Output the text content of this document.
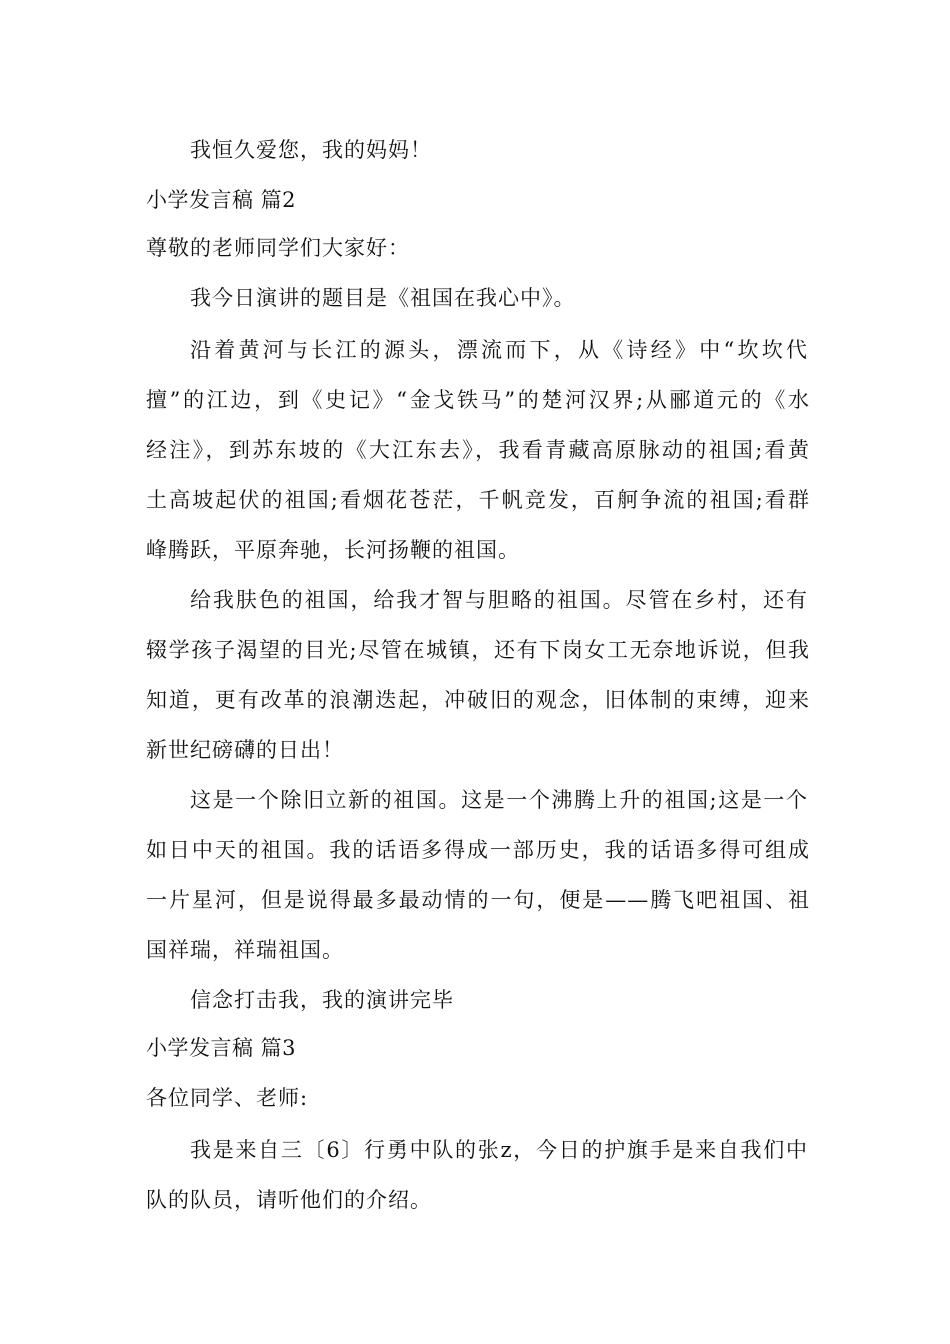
我恒久爱您，我的妈妈！
小学发言稿 篇2
尊敬的老师同学们大家好：
我今日演讲的题目是《祖国在我心中》。
沿着黄河与长江的源头，漂流而下，从《诗经》中“坎坎代
擅”的江边，到《史记》“金戈铁马”的楚河汉界;从郦道元的《水
经注》，到苏东坡的《大江东去》，我看青藏高原脉动的祖国;看黄
土高坡起伏的祖国;看烟花苍茫，千帆竞发，百舸争流的祖国;看群
峰腾跃，平原奔驰，长河扬鞭的祖国。
给我肤色的祖国，给我才智与胆略的祖国。尽管在乡村，还有
辍学孩子渴望的目光;尽管在城镇，还有下岗女工无奈地诉说，但我
知道，更有改革的浪潮迭起，冲破旧的观念，旧体制的束缚，迎来
新世纪磅礴的日出！
这是一个除旧立新的祖国。这是一个沸腾上升的祖国;这是一个
如日中天的祖国。我的话语多得成一部历史，我的话语多得可组成
一片星河，但是说得最多最动情的一句，便是——腾飞吧祖国、祖
国祥瑞，祥瑞祖国。
信念打击我，我的演讲完毕
小学发言稿 篇3
各位同学、老师:
我是来自三〔6〕行勇中队的张z，今日的护旗手是来自我们中
队的队员，请听他们的介绍。
